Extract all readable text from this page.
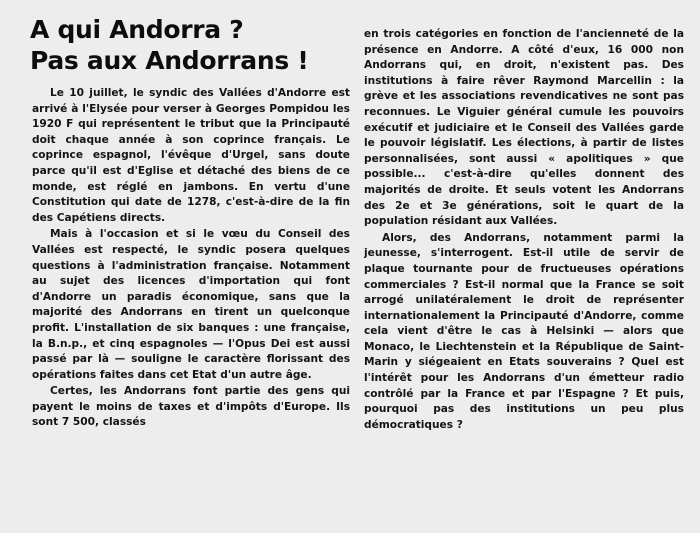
A qui Andorra ?
Pas aux Andorrans !

Le 10 juillet, le syndic des Vallées d'Andorre est arrivé à l'Elysée pour verser à Georges Pompidou les 1920 F qui représentent le tribut que la Principauté doit chaque année à son coprince français. Le coprince espagnol, l'évêque d'Urgel, sans doute parce qu'il est d'Eglise et détaché des biens de ce monde, est réglé en jambons. En vertu d'une Constitution qui date de 1278, c'est-à-dire de la fin des Capétiens directs.

Mais à l'occasion et si le vœu du Conseil des Vallées est respecté, le syndic posera quelques questions à l'administration française. Notamment au sujet des licences d'importation qui font d'Andorre un paradis économique, sans que la majorité des Andorrans en tirent un quelconque profit. L'installation de six banques : une française, la B.n.p., et cinq espagnoles — l'Opus Dei est aussi passé par là — souligne le caractère florissant des opérations faites dans cet Etat d'un autre âge.

Certes, les Andorrans font partie des gens qui payent le moins de taxes et d'impôts d'Europe. Ils sont 7 500, classés

en trois catégories en fonction de l'ancienneté de la présence en Andorre. A côté d'eux, 16 000 non Andorrans qui, en droit, n'existent pas. Des institutions à faire rêver Raymond Marcellin : la grève et les associations revendicatives ne sont pas reconnues. Le Viguier général cumule les pouvoirs exécutif et judiciaire et le Conseil des Vallées garde le pouvoir législatif. Les élections, à partir de listes personnalisées, sont aussi « apolitiques » que possible... c'est-à-dire qu'elles donnent des majorités de droite. Et seuls votent les Andorrans des 2e et 3e générations, soit le quart de la population résidant aux Vallées.

Alors, des Andorrans, notamment parmi la jeunesse, s'interrogent. Est-il utile de servir de plaque tournante pour de fructueuses opérations commerciales ? Est-il normal que la France se soit arrogé unilatéralement le droit de représenter internationalement la Principauté d'Andorre, comme cela vient d'être le cas à Helsinki — alors que Monaco, le Liechtenstein et la République de Saint-Marin y siégeaient en Etats souverains ? Quel est l'intérêt pour les Andorrans d'un émetteur radio contrôlé par la France et par l'Espagne ? Et puis, pourquoi pas des institutions un peu plus démocratiques ?
